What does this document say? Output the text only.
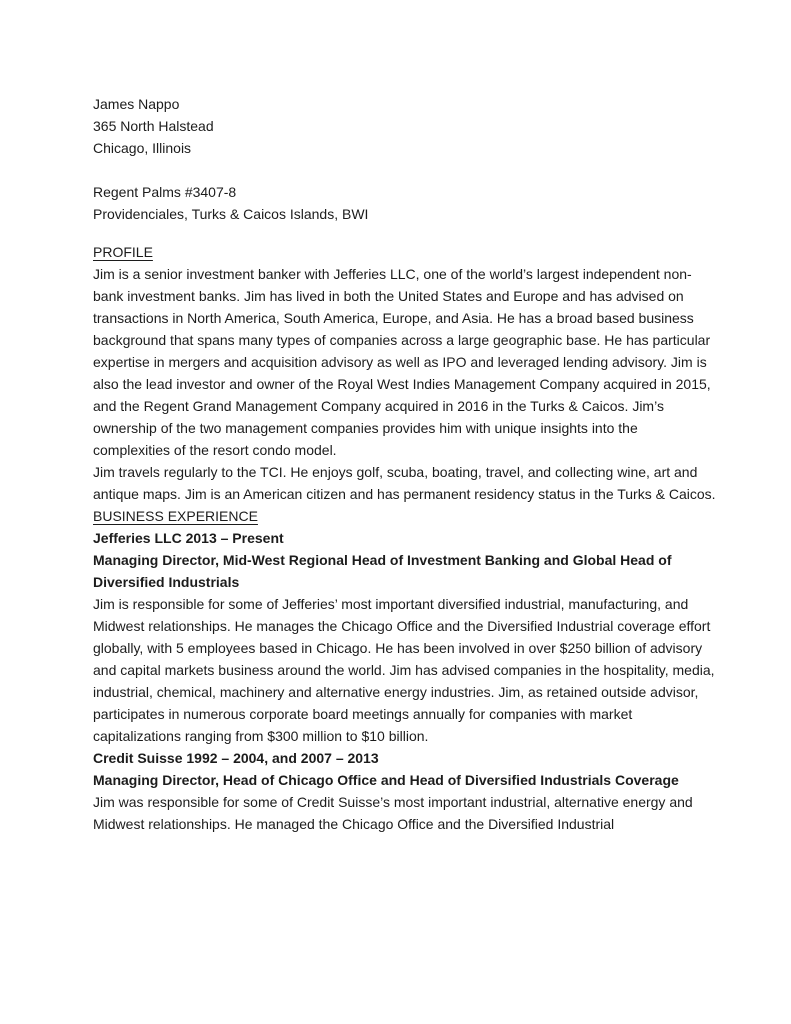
James Nappo
365 North Halstead
Chicago, Illinois
Regent Palms #3407-8
Providenciales, Turks & Caicos Islands, BWI
PROFILE

Jim is a senior investment banker with Jefferies LLC, one of the world’s largest independent non-bank investment banks. Jim has lived in both the United States and Europe and has advised on transactions in North America, South America, Europe, and Asia. He has a broad based business background that spans many types of companies across a large geographic base. He has particular expertise in mergers and acquisition advisory as well as IPO and leveraged lending advisory. Jim is also the lead investor and owner of the Royal West Indies Management Company acquired in 2015, and the Regent Grand Management Company acquired in 2016 in the Turks & Caicos. Jim’s ownership of the two management companies provides him with unique insights into the complexities of the resort condo model.

Jim travels regularly to the TCI. He enjoys golf, scuba, boating, travel, and collecting wine, art and antique maps. Jim is an American citizen and has permanent residency status in the Turks & Caicos.

BUSINESS EXPERIENCE

Jefferies LLC 2013 – Present

Managing Director, Mid-West Regional Head of Investment Banking and Global Head of Diversified Industrials

Jim is responsible for some of Jefferies’ most important diversified industrial, manufacturing, and Midwest relationships. He manages the Chicago Office and the Diversified Industrial coverage effort globally, with 5 employees based in Chicago. He has been involved in over $250 billion of advisory and capital markets business around the world. Jim has advised companies in the hospitality, media, industrial, chemical, machinery and alternative energy industries. Jim, as retained outside advisor, participates in numerous corporate board meetings annually for companies with market capitalizations ranging from $300 million to $10 billion.

Credit Suisse 1992 – 2004, and 2007 – 2013

Managing Director, Head of Chicago Office and Head of Diversified Industrials Coverage

Jim was responsible for some of Credit Suisse’s most important industrial, alternative energy and Midwest relationships. He managed the Chicago Office and the Diversified Industrial
